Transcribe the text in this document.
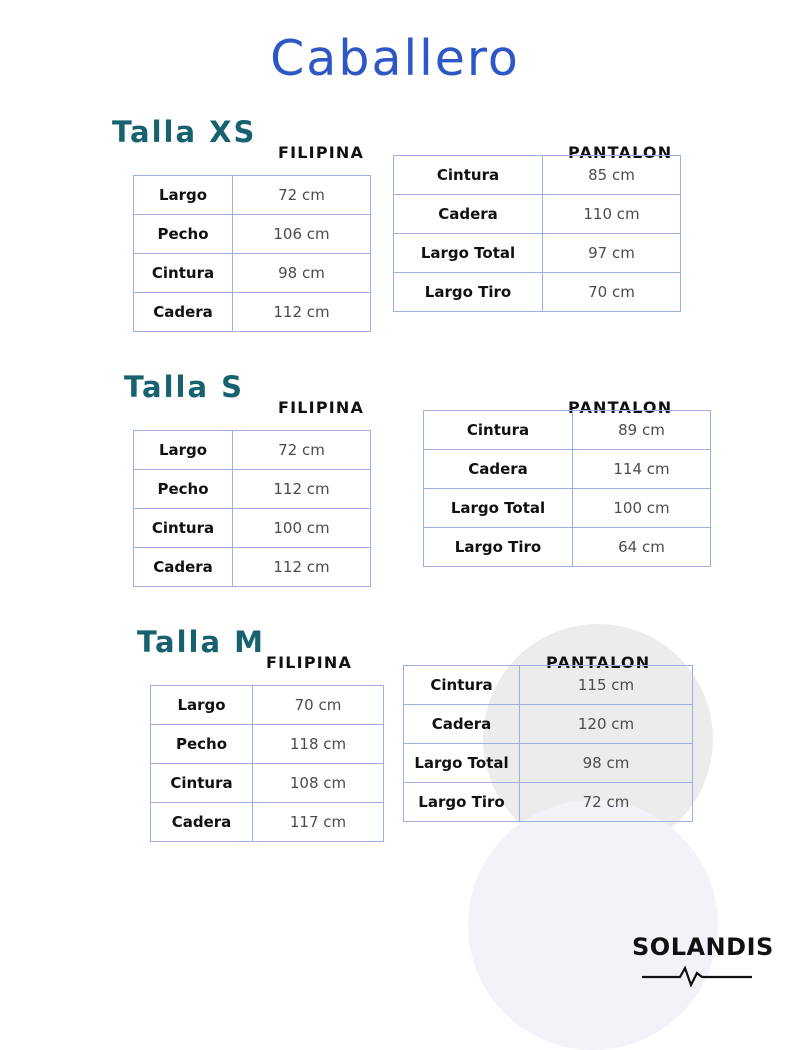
Caballero
Talla XS
FILIPINA
Largo	72 cm
Pecho	106 cm
Cintura	98 cm
Cadera	112 cm
PANTALON
Cintura	85 cm
Cadera	110 cm
Largo Total	97 cm
Largo Tiro	70 cm
Talla S
FILIPINA
Largo	72 cm
Pecho	112 cm
Cintura	100 cm
Cadera	112 cm
PANTALON
Cintura	89 cm
Cadera	114 cm
Largo Total	100 cm
Largo Tiro	64 cm
Talla M
FILIPINA
Largo	70 cm
Pecho	118 cm
Cintura	108 cm
Cadera	117 cm
PANTALON
Cintura	115 cm
Cadera	120 cm
Largo Total	98 cm
Largo Tiro	72 cm
SOLANDIS
